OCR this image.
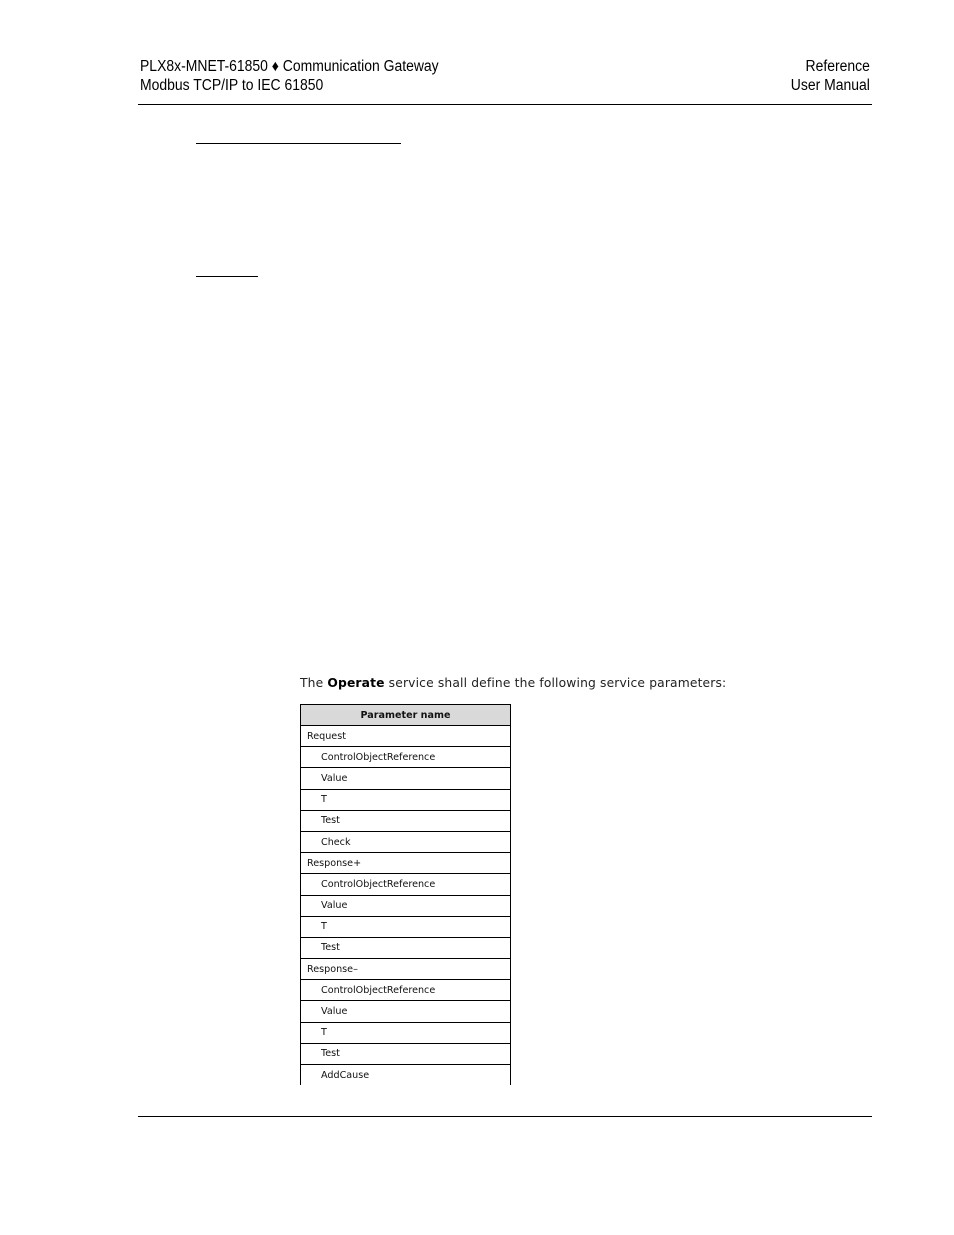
PLX8x-MNET-61850 ♦ Communication Gateway
Modbus TCP/IP to IEC 61850
Reference
User Manual
The Operate service shall define the following service parameters:
Parameter name
Request
ControlObjectReference
Value
T
Test
Check
Response+
ControlObjectReference
Value
T
Test
Response–
ControlObjectReference
Value
T
Test
AddCause
